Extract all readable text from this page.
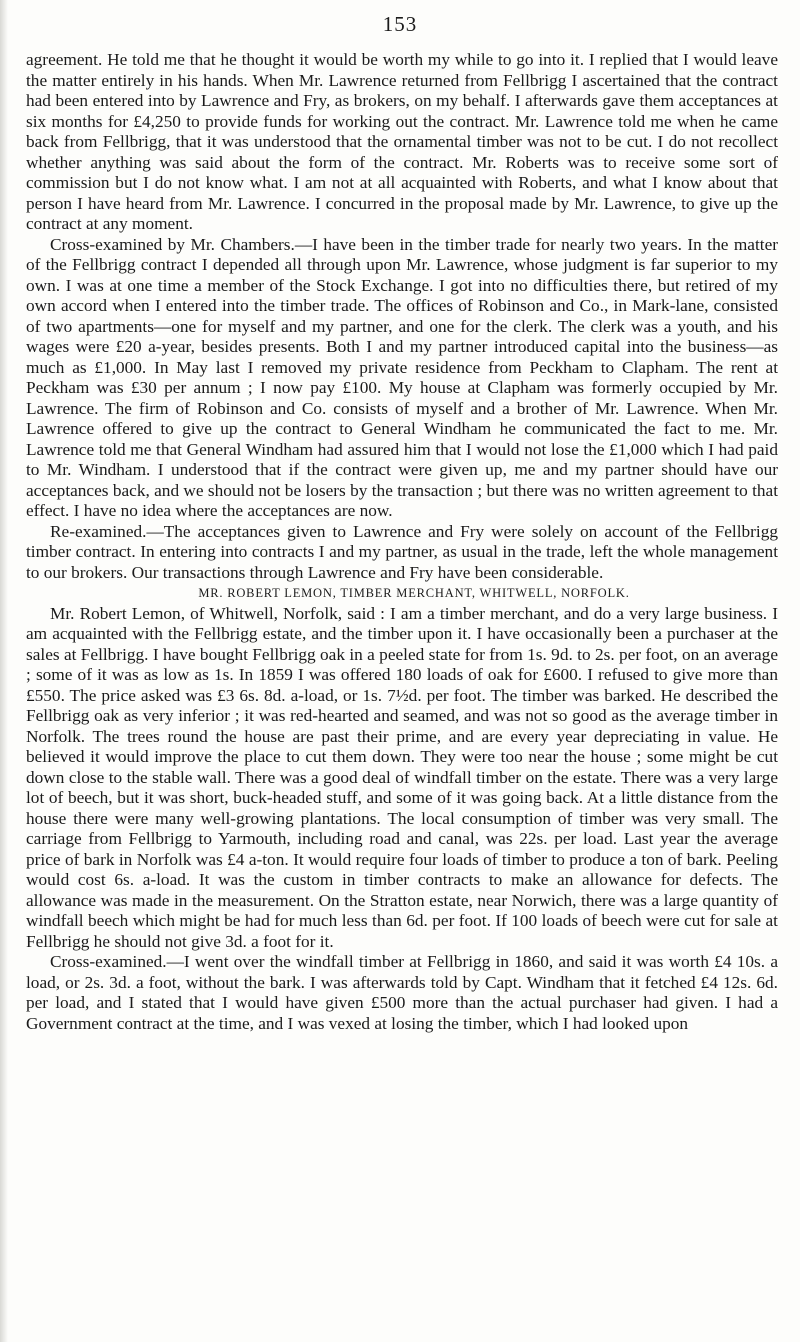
153

agreement. He told me that he thought it would be worth my while to go into it. I replied that I would leave the matter entirely in his hands. When Mr. Lawrence returned from Fellbrigg I ascertained that the contract had been entered into by Lawrence and Fry, as brokers, on my behalf. I afterwards gave them acceptances at six months for £4,250 to provide funds for working out the contract. Mr. Lawrence told me when he came back from Fellbrigg, that it was understood that the ornamental timber was not to be cut. I do not recollect whether anything was said about the form of the contract. Mr. Roberts was to receive some sort of commission but I do not know what. I am not at all acquainted with Roberts, and what I know about that person I have heard from Mr. Lawrence. I concurred in the proposal made by Mr. Lawrence, to give up the contract at any moment.

Cross-examined by Mr. Chambers.—I have been in the timber trade for nearly two years. In the matter of the Fellbrigg contract I depended all through upon Mr. Lawrence, whose judgment is far superior to my own. I was at one time a member of the Stock Exchange. I got into no difficulties there, but retired of my own accord when I entered into the timber trade. The offices of Robinson and Co., in Mark-lane, consisted of two apartments—one for myself and my partner, and one for the clerk. The clerk was a youth, and his wages were £20 a-year, besides presents. Both I and my partner introduced capital into the business—as much as £1,000. In May last I removed my private residence from Peckham to Clapham. The rent at Peckham was £30 per annum ; I now pay £100. My house at Clapham was formerly occupied by Mr. Lawrence. The firm of Robinson and Co. consists of myself and a brother of Mr. Lawrence. When Mr. Lawrence offered to give up the contract to General Windham he communicated the fact to me. Mr. Lawrence told me that General Windham had assured him that I would not lose the £1,000 which I had paid to Mr. Windham. I understood that if the contract were given up, me and my partner should have our acceptances back, and we should not be losers by the transaction ; but there was no written agreement to that effect. I have no idea where the acceptances are now.

Re-examined.—The acceptances given to Lawrence and Fry were solely on account of the Fellbrigg timber contract. In entering into contracts I and my partner, as usual in the trade, left the whole management to our brokers. Our transactions through Lawrence and Fry have been considerable.

MR. ROBERT LEMON, TIMBER MERCHANT, WHITWELL, NORFOLK.

Mr. Robert Lemon, of Whitwell, Norfolk, said : I am a timber merchant, and do a very large business. I am acquainted with the Fellbrigg estate, and the timber upon it. I have occasionally been a purchaser at the sales at Fellbrigg. I have bought Fellbrigg oak in a peeled state for from 1s. 9d. to 2s. per foot, on an average ; some of it was as low as 1s. In 1859 I was offered 180 loads of oak for £600. I refused to give more than £550. The price asked was £3 6s. 8d. a-load, or 1s. 7½d. per foot. The timber was barked. He described the Fellbrigg oak as very inferior ; it was red-hearted and seamed, and was not so good as the average timber in Norfolk. The trees round the house are past their prime, and are every year depreciating in value. He believed it would improve the place to cut them down. They were too near the house ; some might be cut down close to the stable wall. There was a good deal of windfall timber on the estate. There was a very large lot of beech, but it was short, buck-headed stuff, and some of it was going back. At a little distance from the house there were many well-growing plantations. The local consumption of timber was very small. The carriage from Fellbrigg to Yarmouth, including road and canal, was 22s. per load. Last year the average price of bark in Norfolk was £4 a-ton. It would require four loads of timber to produce a ton of bark. Peeling would cost 6s. a-load. It was the custom in timber contracts to make an allowance for defects. The allowance was made in the measurement. On the Stratton estate, near Norwich, there was a large quantity of windfall beech which might be had for much less than 6d. per foot. If 100 loads of beech were cut for sale at Fellbrigg he should not give 3d. a foot for it.

Cross-examined.—I went over the windfall timber at Fellbrigg in 1860, and said it was worth £4 10s. a load, or 2s. 3d. a foot, without the bark. I was afterwards told by Capt. Windham that it fetched £4 12s. 6d. per load, and I stated that I would have given £500 more than the actual purchaser had given. I had a Government contract at the time, and I was vexed at losing the timber, which I had looked upon
